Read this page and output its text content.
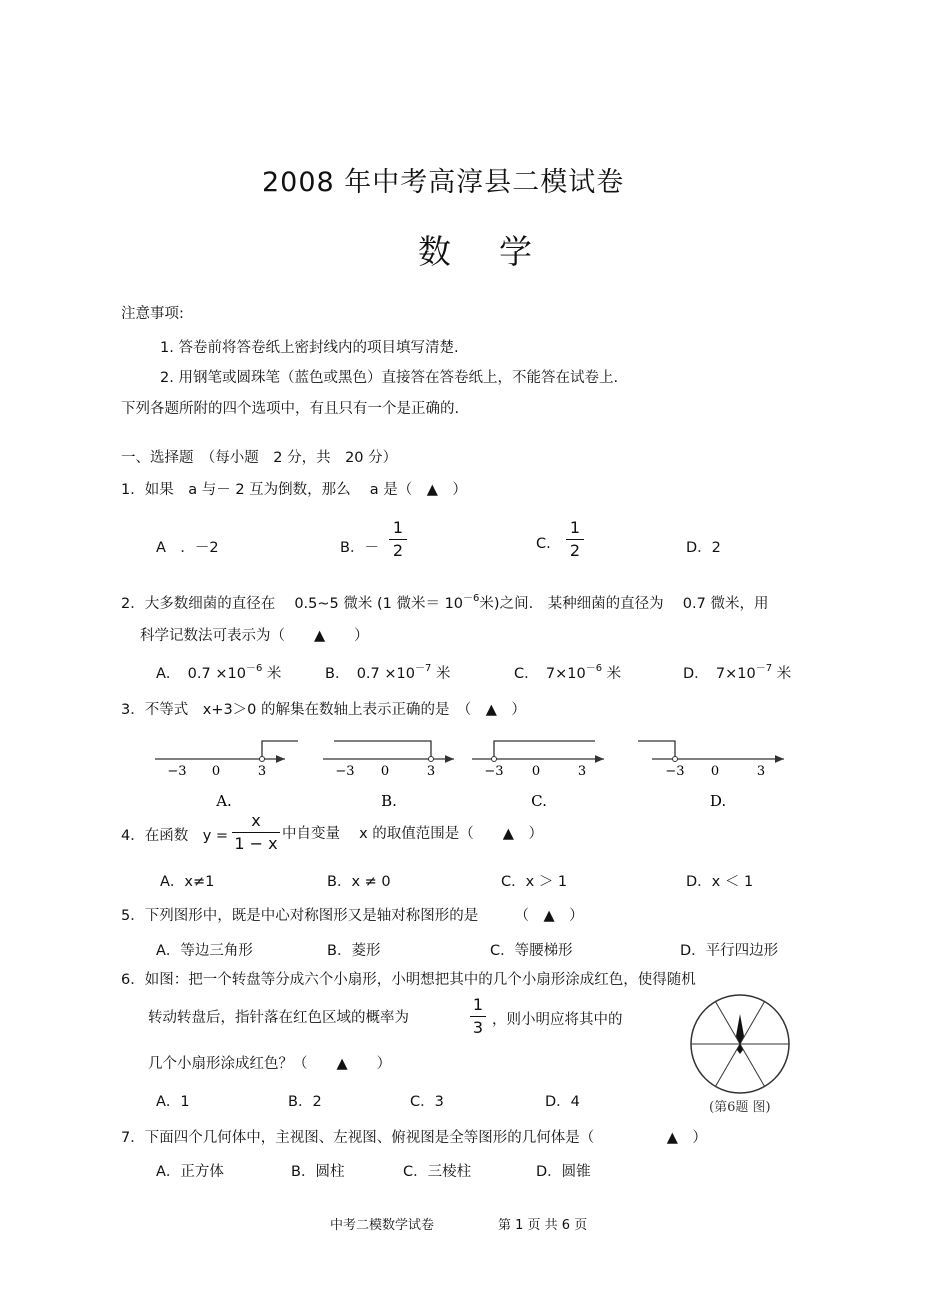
2008 年中考高淳县二模试卷
数学
注意事项:
1. 答卷前将答卷纸上密封线内的项目填写清楚.
2. 用钢笔或圆珠笔（蓝色或黑色）直接答在答卷纸上，不能答在试卷上.
下列各题所附的四个选项中，有且只有一个是正确的.
一、选择题　（每小题　2 分，共　20 分）
1．如果　a 与－ 2 互为倒数，那么　 a 是（　▲　）
A　．－2	B．－
1
2	C.
1
2	D．2
2．大多数细菌的直径在　 0.5~5 微米 (1 微米＝ $10^{-6}$米)之间.　某种细菌的直径为　 0.7 微米，用
科学记数法可表示为（　　▲　　）
A．　$0.7 \times 10^{-6}$ 米	B．　$0.7 \times 10^{-7}$ 米	C．　$7\times 10^{-6}$ 米	D．　$7\times 10^{-7}$ 米
3．不等式　x+3＞0 的解集在数轴上表示正确的是　（　▲　）
−3 0	3
A.
−3 0	3
B.
−3 0	3
C.
−3 0	3
D.
4．在函数　y =
x
1 − x 中自变量　 x 的取值范围是（　　▲　）
A．x≠1	B．x ≠ 0	C．x ＞ 1	D．x ＜ 1
5．下列图形中，既是中心对称图形又是轴对称图形的是　　　（　▲　）
A．等边三角形	B．菱形	C．等腰梯形	D．平行四边形
6．如图：把一个转盘等分成六个小扇形，小明想把其中的几个小扇形涂成红色，使得随机
转动转盘后，指针落在红色区域的概率为
1
3 ，则小明应将其中的
几个小扇形涂成红色？（　　▲　　）
A．1	B．2	C．3	D．4	(第6题 图)
7．下面四个几何体中，主视图、左视图、俯视图是全等图形的几何体是（　　　　　▲　）
A．正方体	B．圆柱	C．三棱柱	D．圆锥
中考二模数学试卷	第 1 页 共 6 页
